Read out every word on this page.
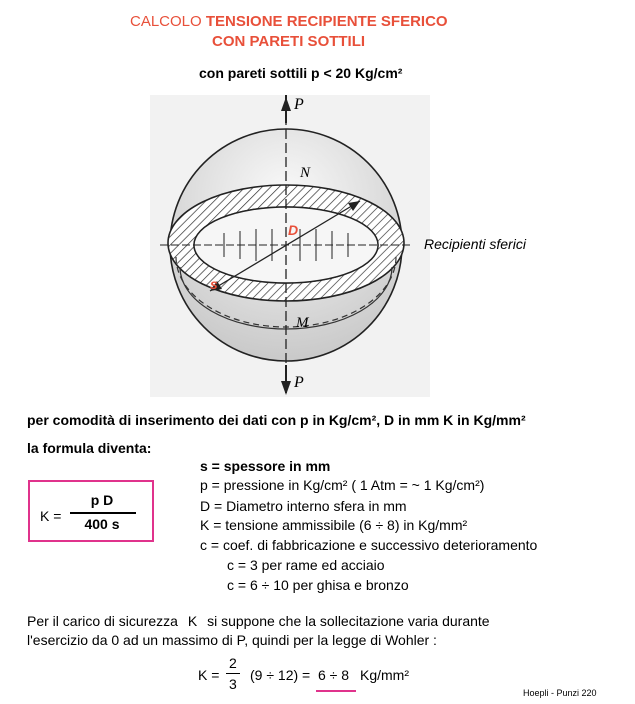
CALCOLO TENSIONE RECIPIENTE SFERICO
CON PARETI SOTTILI
con pareti sottili p < 20 Kg/cm²
P
N
D
s
M
P
Recipienti sferici
per comodità di inserimento dei dati con p in Kg/cm², D in mm K in Kg/mm²
la formula diventa:
K =
p D
400 s
s = spessore in mm
p = pressione in Kg/cm² ( 1 Atm = ~ 1 Kg/cm²)
D = Diametro interno sfera in mm
K = tensione ammissibile (6 ÷ 8) in Kg/mm²
c = coef. di fabbricazione e successivo deterioramento
c = 3 per rame ed acciaio
c = 6 ÷ 10 per ghisa e bronzo
Per il carico di sicurezza K si suppone che la sollecitazione varia durante
l'esercizio da 0 ad un massimo di P, quindi per la legge di Wohler :
K =
2
3
(9 ÷ 12) = 6 ÷ 8 Kg/mm²
Hoepli - Punzi 220
